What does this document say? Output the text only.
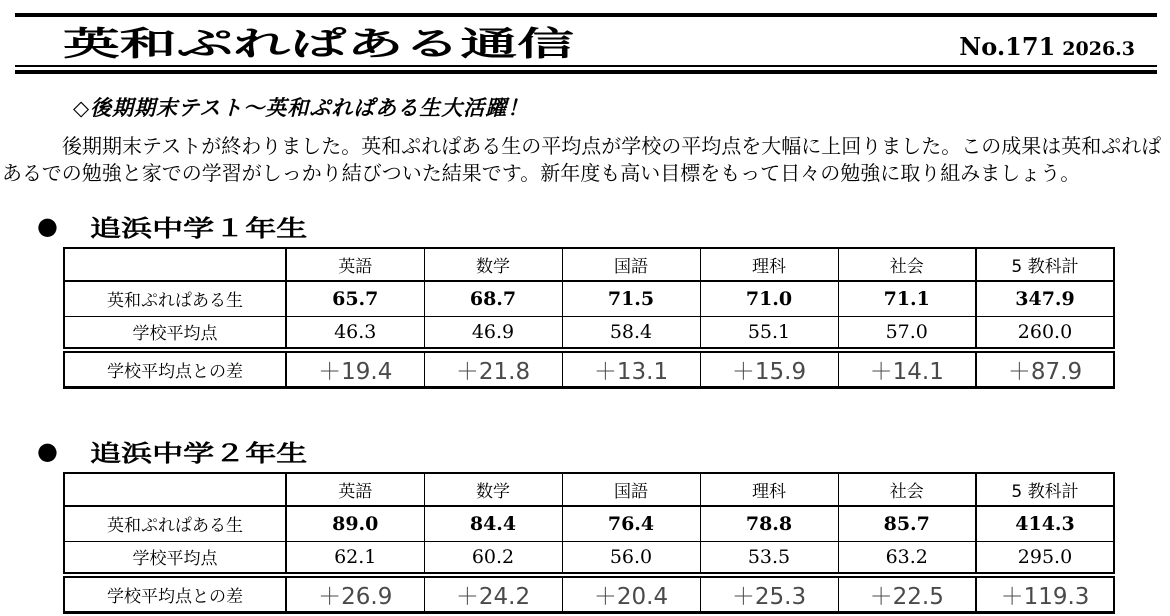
英和ぷれぱある通信	No.171 2026.3
◇後期期末テスト～英和ぷれぱある生大活躍！

後期期末テストが終わりました。英和ぷれぱある生の平均点が学校の平均点を大幅に上回りました。この成果は英和ぷれぱ
あるでの勉強と家での学習がしっかり結びついた結果です。新年度も高い目標をもって日々の勉強に取り組みましょう。

● 追浜中学１年生
	英語	数学	国語	理科	社会	5 教科計
英和ぷれぱある生	65.7	68.7	71.5	71.0	71.1	347.9
学校平均点	46.3	46.9	58.4	55.1	57.0	260.0
学校平均点との差	＋19.4	＋21.8	＋13.1	＋15.9	＋14.1	＋87.9
● 追浜中学２年生
	英語	数学	国語	理科	社会	5 教科計
英和ぷれぱある生	89.0	84.4	76.4	78.8	85.7	414.3
学校平均点	62.1	60.2	56.0	53.5	63.2	295.0
学校平均点との差	＋26.9	＋24.2	＋20.4	＋25.3	＋22.5	＋119.3
